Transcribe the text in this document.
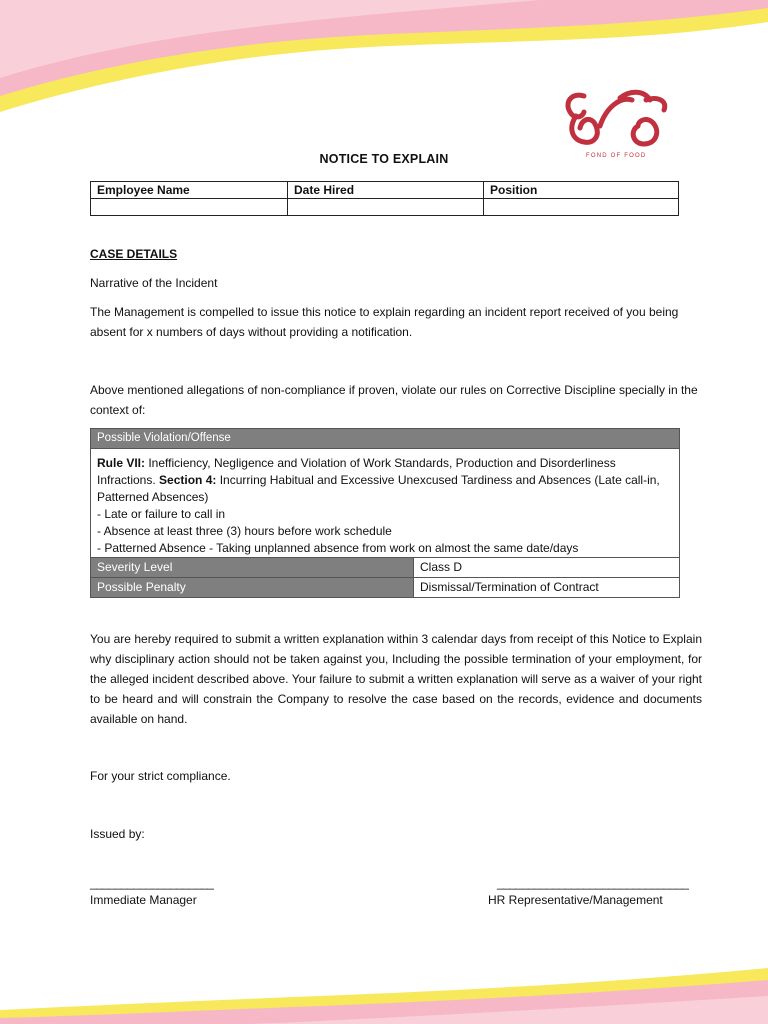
FOND OF FOOD
NOTICE TO EXPLAIN
Employee Name	Date Hired	Position

CASE DETAILS
Narrative of the Incident
The Management is compelled to issue this notice to explain regarding an incident report received of you being absent for x numbers of days without providing a notification.
Above mentioned allegations of non-compliance if proven, violate our rules on Corrective Discipline specially in the context of:
Possible Violation/Offense

Rule VII: Inefficiency, Negligence and Violation of Work Standards, Production and Disorderliness Infractions. Section 4: Incurring Habitual and Excessive Unexcused Tardiness and Absences (Late call-in, Patterned Absences)

- Late or failure to call in

- Absence at least three (3) hours before work schedule

- Patterned Absence - Taking unplanned absence from work on almost the same date/days

Severity Level	Class D
Possible Penalty	Dismissal/Termination of Contract
You are hereby required to submit a written explanation within 3 calendar days from receipt of this Notice to Explain why disciplinary action should not be taken against you, Including the possible termination of your employment, for the alleged incident described above. Your failure to submit a written explanation will serve as a waiver of your right to be heard and will constrain the Company to resolve the case based on the records, evidence and documents available on hand.
For your strict compliance.
Issued by:
____________________
Immediate Manager
_______________________________
HR Representative/Management
